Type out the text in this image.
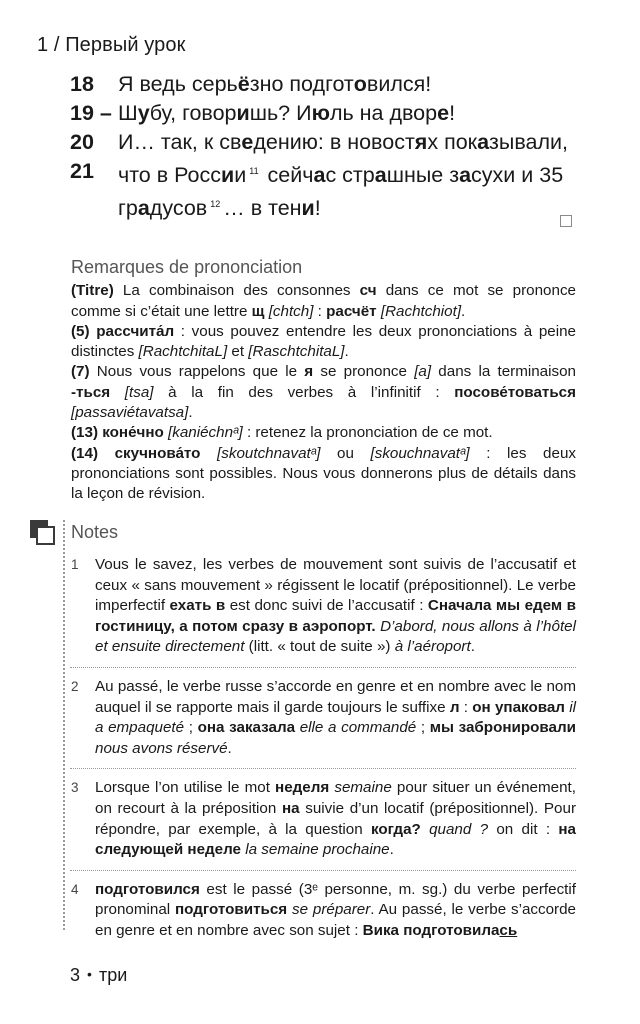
1 / Первый урок
18 Я ведь серьёзно подготовился!
19 – Шубу, говоришь? Июль на дворе!
20 И… так, к сведению: в новостях показывали,
21 что в России $^{11}$ сейчас страшные засухи и 35 градусов $^{12}$ … в тени!
Remarques de prononciation

(Titre) La combinaison des consonnes сч dans ce mot se prononce comme si c’était une lettre щ [chtch] : расчёт [Rachtchiot].

(5) рассчита́л : vous pouvez entendre les deux prononciations à peine distinctes [RachtchitaL] et [RaschtchitaL].

(7) Nous vous rappelons que le я se prononce [a] dans la terminaison -ться [tsa] à la fin des verbes à l’infinitif : посове́товаться [passaviétavatsa].

(13) коне́чно [kaniéchnᵃ] : retenez la prononciation de ce mot.

(14) скучнова́то [skoutchnavatᵃ] ou [skouchnavatᵃ] : les deux prononciations sont possibles. Nous vous donnerons plus de détails dans la leçon de révision.

Notes
1 Vous le savez, les verbes de mouvement sont suivis de l’accusatif et ceux « sans mouvement » régissent le locatif (prépositionnel). Le verbe imperfectif ехать в est donc suivi de l’accusatif : Сначала мы едем в гостиницу, а потом сразу в аэропорт. D’abord, nous allons à l’hôtel et ensuite directement (litt. « tout de suite ») à l’aéroport.
2 Au passé, le verbe russe s’accorde en genre et en nombre avec le nom auquel il se rapporte mais il garde toujours le suffixe л : он упаковал il a empaqueté ; она заказала elle a commandé ; мы забронировали nous avons réservé.
3 Lorsque l’on utilise le mot неделя semaine pour situer un événement, on recourt à la préposition на suivie d’un locatif (prépositionnel). Pour répondre, par exemple, à la question когда? quand ? on dit : на следующей неделе la semaine prochaine.
4 подготовился est le passé (3ᵉ personne, m. sg.) du verbe perfectif pronominal подготовиться se préparer. Au passé, le verbe s’accorde en genre et en nombre avec son sujet : Вика подготовилась
3 • три
